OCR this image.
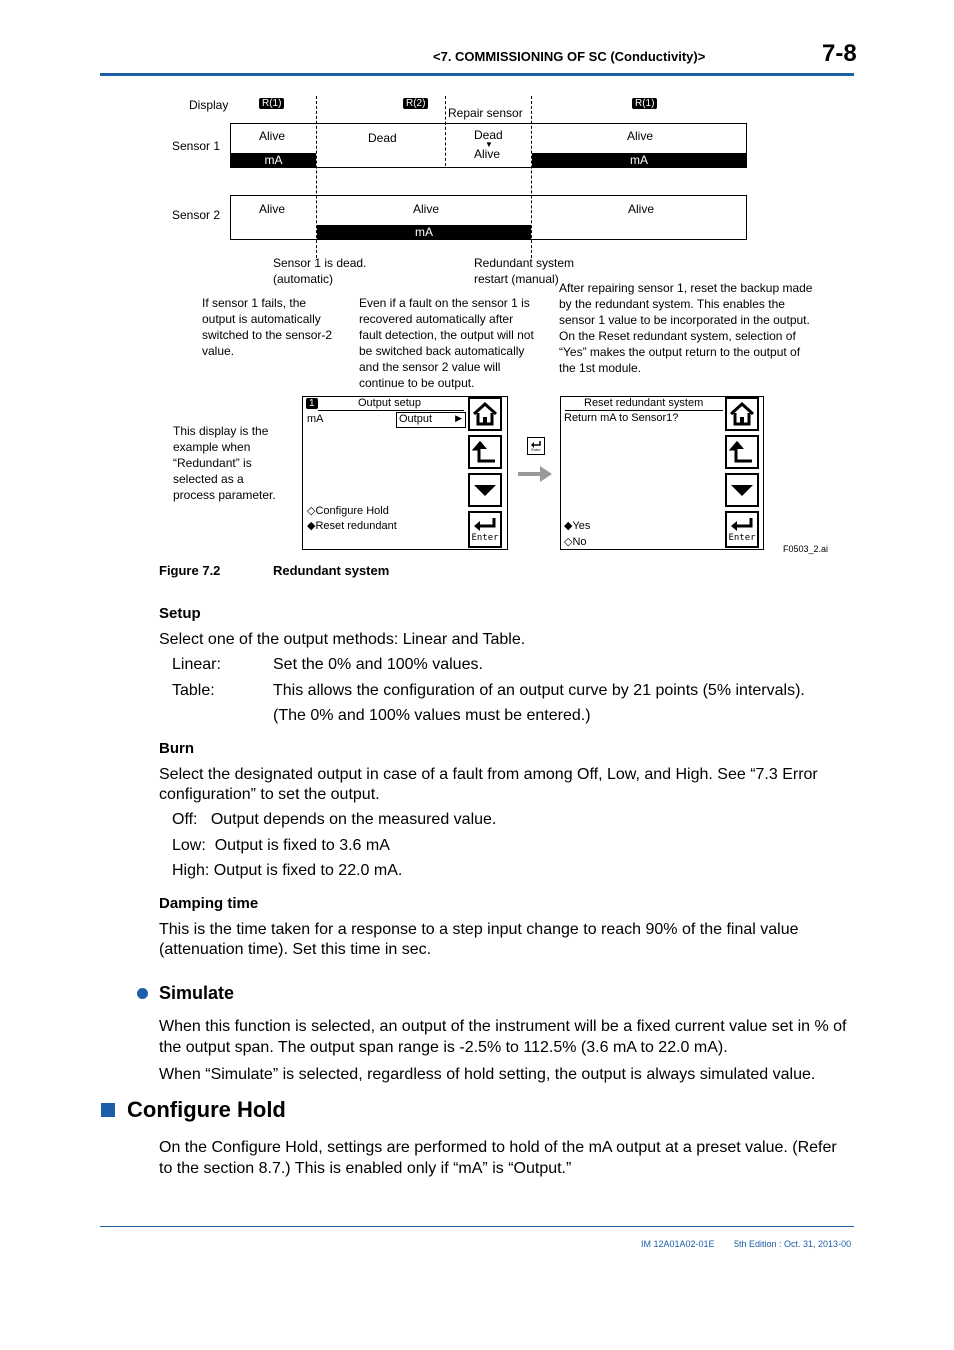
<7. COMMISSIONING OF SC (Conductivity)>	7-8
Display
Sensor 1
Sensor 2
R(1)	R(2)	R(1)
Repair sensor
mA	mA
Alive	Dead	Dead
▼
Alive
Alive
mA
Alive	Alive	Alive
Sensor 1 is dead.
(automatic)
Redundant system
restart (manual)
If sensor 1 fails, the
output is automatically
switched to the sensor-2
value.
Even if a fault on the sensor 1 is
recovered automatically after
fault detection, the output will not
be switched back automatically
and the sensor 2 value will
continue to be output.
After repairing sensor 1, reset the backup made
by the redundant system. This enables the
sensor 1 value to be incorporated in the output.
On the Reset redundant system, selection of
“Yes” makes the output return to the output of
the 1st module.
This display is the
example when
“Redundant” is
selected as a
process parameter.
1	Output setup
mA	Output	▶
◇Configure Hold
◆Reset redundant
Enter
Enter
Reset redundant system
Return mA to Sensor1?
◆Yes
◇No	Enter
F0503_2.ai
Figure 7.2	Redundant system
Setup
Select one of the output methods: Linear and Table.
Linear:	Set the 0% and 100% values.
Table:	This allows the configuration of an output curve by 21 points (5% intervals).
(The 0% and 100% values must be entered.)
Burn
Select the designated output in case of a fault from among Off, Low, and High. See “7.3 Error
configuration” to set the output.
Off:   Output depends on the measured value.
Low:  Output is fixed to 3.6 mA
High: Output is fixed to 22.0 mA.
Damping time
This is the time taken for a response to a step input change to reach 90% of the final value
(attenuation time). Set this time in sec.
Simulate
When this function is selected, an output of the instrument will be a fixed current value set in % of
the output span. The output span range is -2.5% to 112.5% (3.6 mA to 22.0 mA).
When “Simulate” is selected, regardless of hold setting, the output is always simulated value.
Configure Hold
On the Configure Hold, settings are performed to hold of the mA output at a preset value. (Refer
to the section 8.7.) This is enabled only if “mA” is “Output.”
IM 12A01A02-01E 5th Edition : Oct. 31, 2013-00
